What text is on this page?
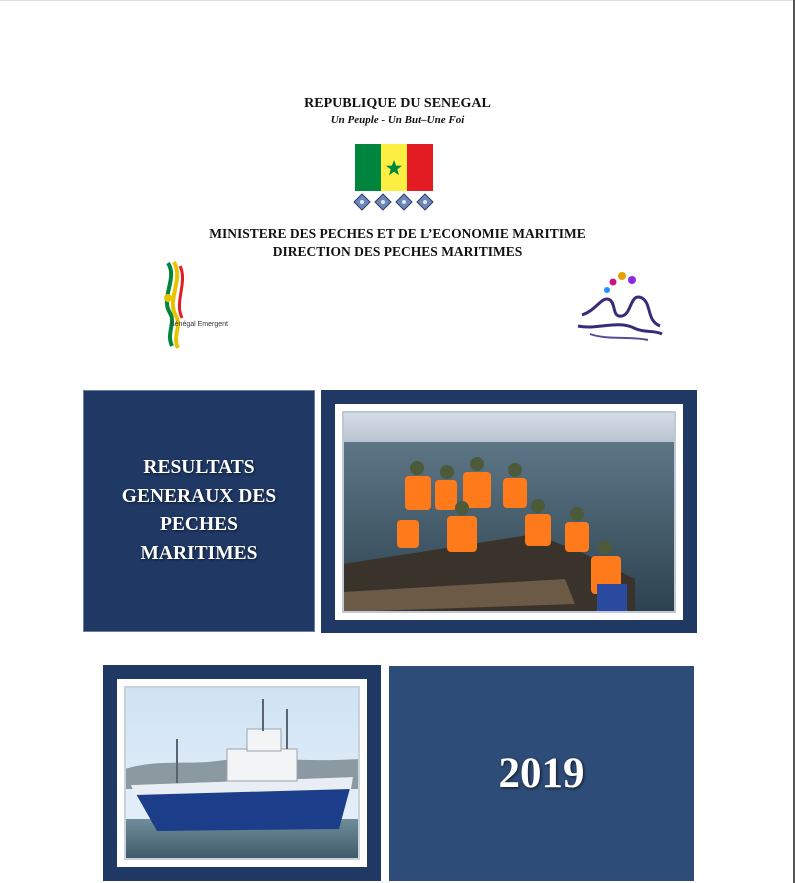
REPUBLIQUE DU SENEGAL
Un Peuple - Un But–Une Foi
MINISTERE DES PECHES ET DE L’ECONOMIE MARITIME
DIRECTION DES PECHES MARITIMES
Sénégal Emergent
RESULTATS
GENERAUX DES
PECHES
MARITIMES
2019
